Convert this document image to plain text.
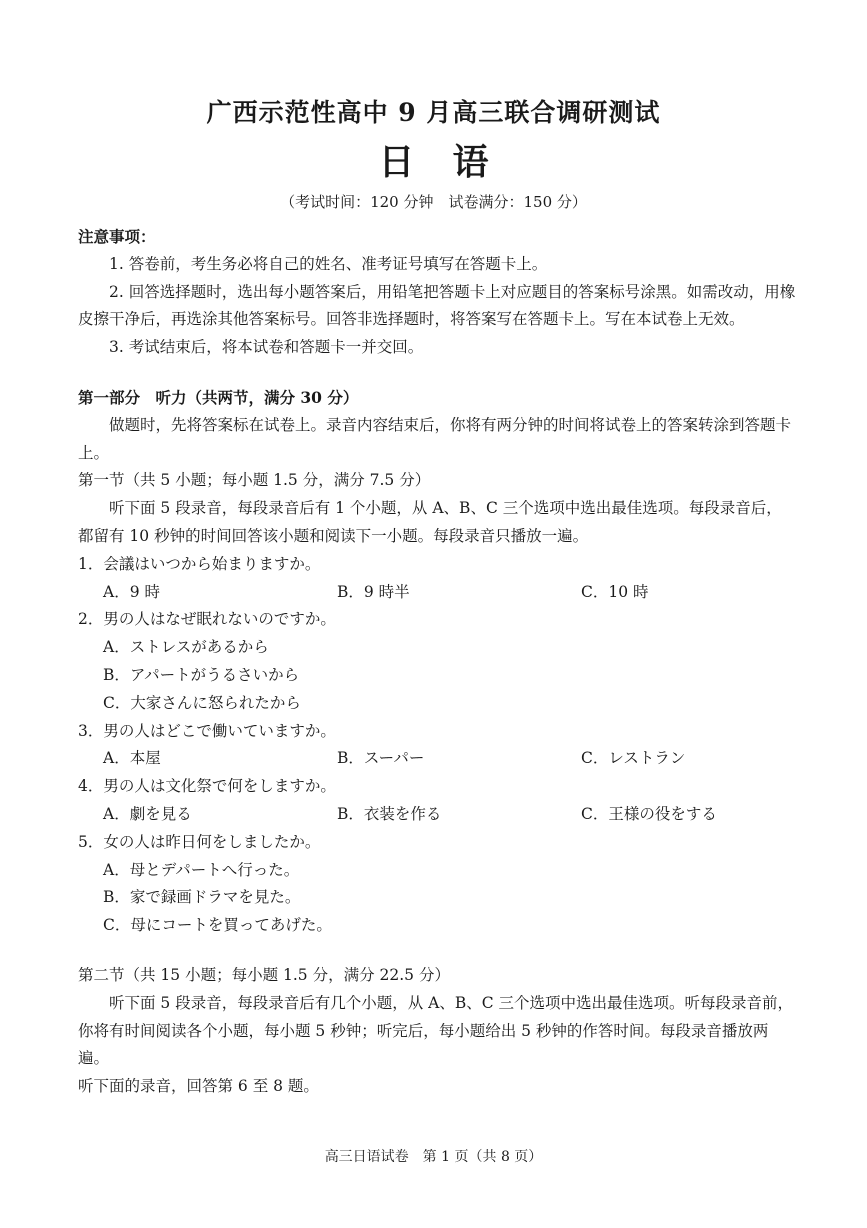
广西示范性高中 9 月高三联合调研测试
日 语
（考试时间：120 分钟　试卷满分：150 分）

注意事项：

1. 答卷前，考生务必将自己的姓名、准考证号填写在答题卡上。

2. 回答选择题时，选出每小题答案后，用铅笔把答题卡上对应题目的答案标号涂黑。如需改动，用橡皮擦干净后，再选涂其他答案标号。回答非选择题时，将答案写在答题卡上。写在本试卷上无效。

3. 考试结束后，将本试卷和答题卡一并交回。

第一部分　听力（共两节，满分 30 分）

做题时，先将答案标在试卷上。录音内容结束后，你将有两分钟的时间将试卷上的答案转涂到答题卡上。

第一节（共 5 小题；每小题 1.5 分，满分 7.5 分）

听下面 5 段录音，每段录音后有 1 个小题，从 A、B、C 三个选项中选出最佳选项。每段录音后，都留有 10 秒钟的时间回答该小题和阅读下一小题。每段录音只播放一遍。

1．会議はいつから始まりますか。

A．9 時	B．9 時半	C．10 時

2．男の人はなぜ眠れないのですか。

A．ストレスがあるから

B．アパートがうるさいから

C．大家さんに怒られたから

3．男の人はどこで働いていますか。

A．本屋	B．スーパー	C．レストラン

4．男の人は文化祭で何をしますか。

A．劇を見る	B．衣装を作る	C．王様の役をする

5．女の人は昨日何をしましたか。

A．母とデパートへ行った。

B．家で録画ドラマを見た。

C．母にコートを買ってあげた。

第二节（共 15 小题；每小题 1.5 分，满分 22.5 分）

听下面 5 段录音，每段录音后有几个小题，从 A、B、C 三个选项中选出最佳选项。听每段录音前，你将有时间阅读各个小题，每小题 5 秒钟；听完后，每小题给出 5 秒钟的作答时间。每段录音播放两遍。

听下面的录音，回答第 6 至 8 题。

高三日语试卷　第 1 页（共 8 页）
